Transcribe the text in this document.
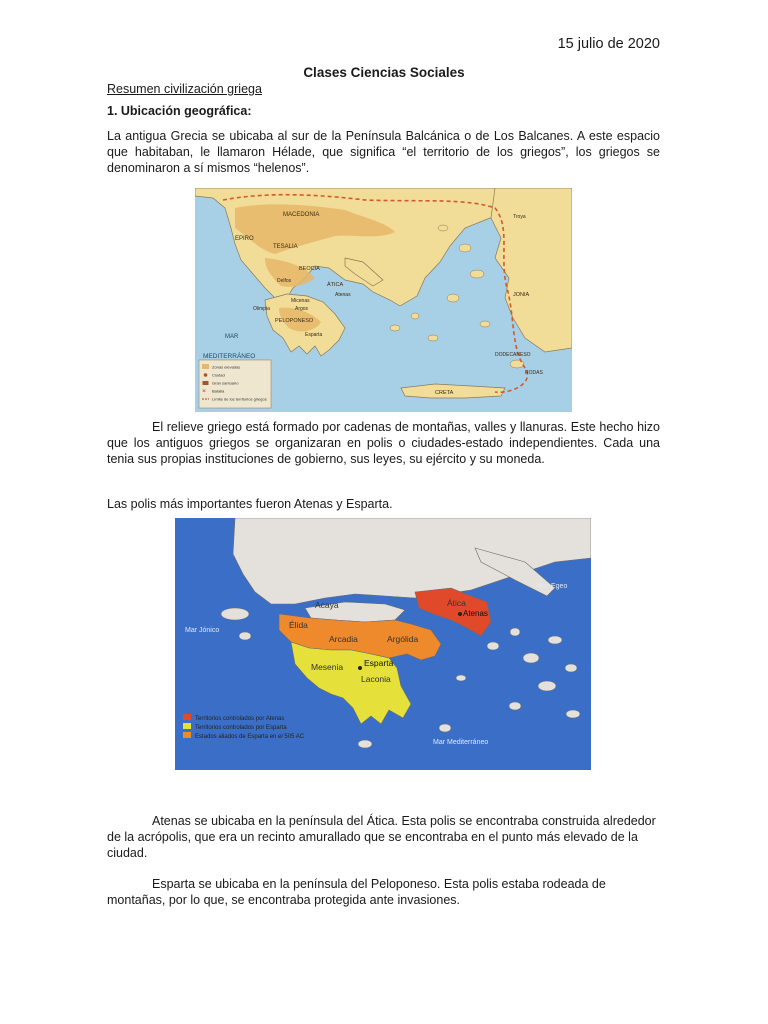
15 julio de 2020
Clases Ciencias Sociales
Resumen civilización griega
1. Ubicación geográfica:

La antigua Grecia se ubicaba al sur de la Península Balcánica o de Los Balcanes. A este espacio que habitaban, le llamaron Hélade, que significa “el territorio de los griegos”, los griegos se denominaron a sí mismos “helenos”.

MACEDONIA
EPIRO
TESALIA
BEOCIA
ÁTICA
Delfos
Atenas
Micenas
Argos
Olimpia
PELOPONESO
Esparta
MAR
MEDITERRÁNEO
Troya
JONIA
DODECANESO
CRETA
RODAS
Zonas elevadas
Ciudad
Gran santuario
✕ Batalla
Límite de los territorios griegos

El relieve griego está formado por cadenas de montañas, valles y llanuras. Este hecho hizo que los antiguos griegos se organizaran en polis o ciudades-estado independientes. Cada una tenia sus propias instituciones de gobierno, sus leyes, su ejército y su moneda.

Las polis más importantes fueron Atenas y Esparta.

Acaya
Élida
Arcadia	Argólida
Mesenia Esparta
Laconia
Ática
Atenas
Mar Jónico
Mar Egeo
Mar Mediterráneo
Territorios controlados por Atenas
Territorios controlados por Esparta
Estados aliados de Esparta en el 505 AC

Atenas se ubicaba en la península del Ática. Esta polis se encontraba construida alrededor de la acrópolis, que era un recinto amurallado que se encontraba en el punto más elevado de la ciudad.

Esparta se ubicaba en la península del Peloponeso. Esta polis estaba rodeada de montañas, por lo que, se encontraba protegida ante invasiones.
